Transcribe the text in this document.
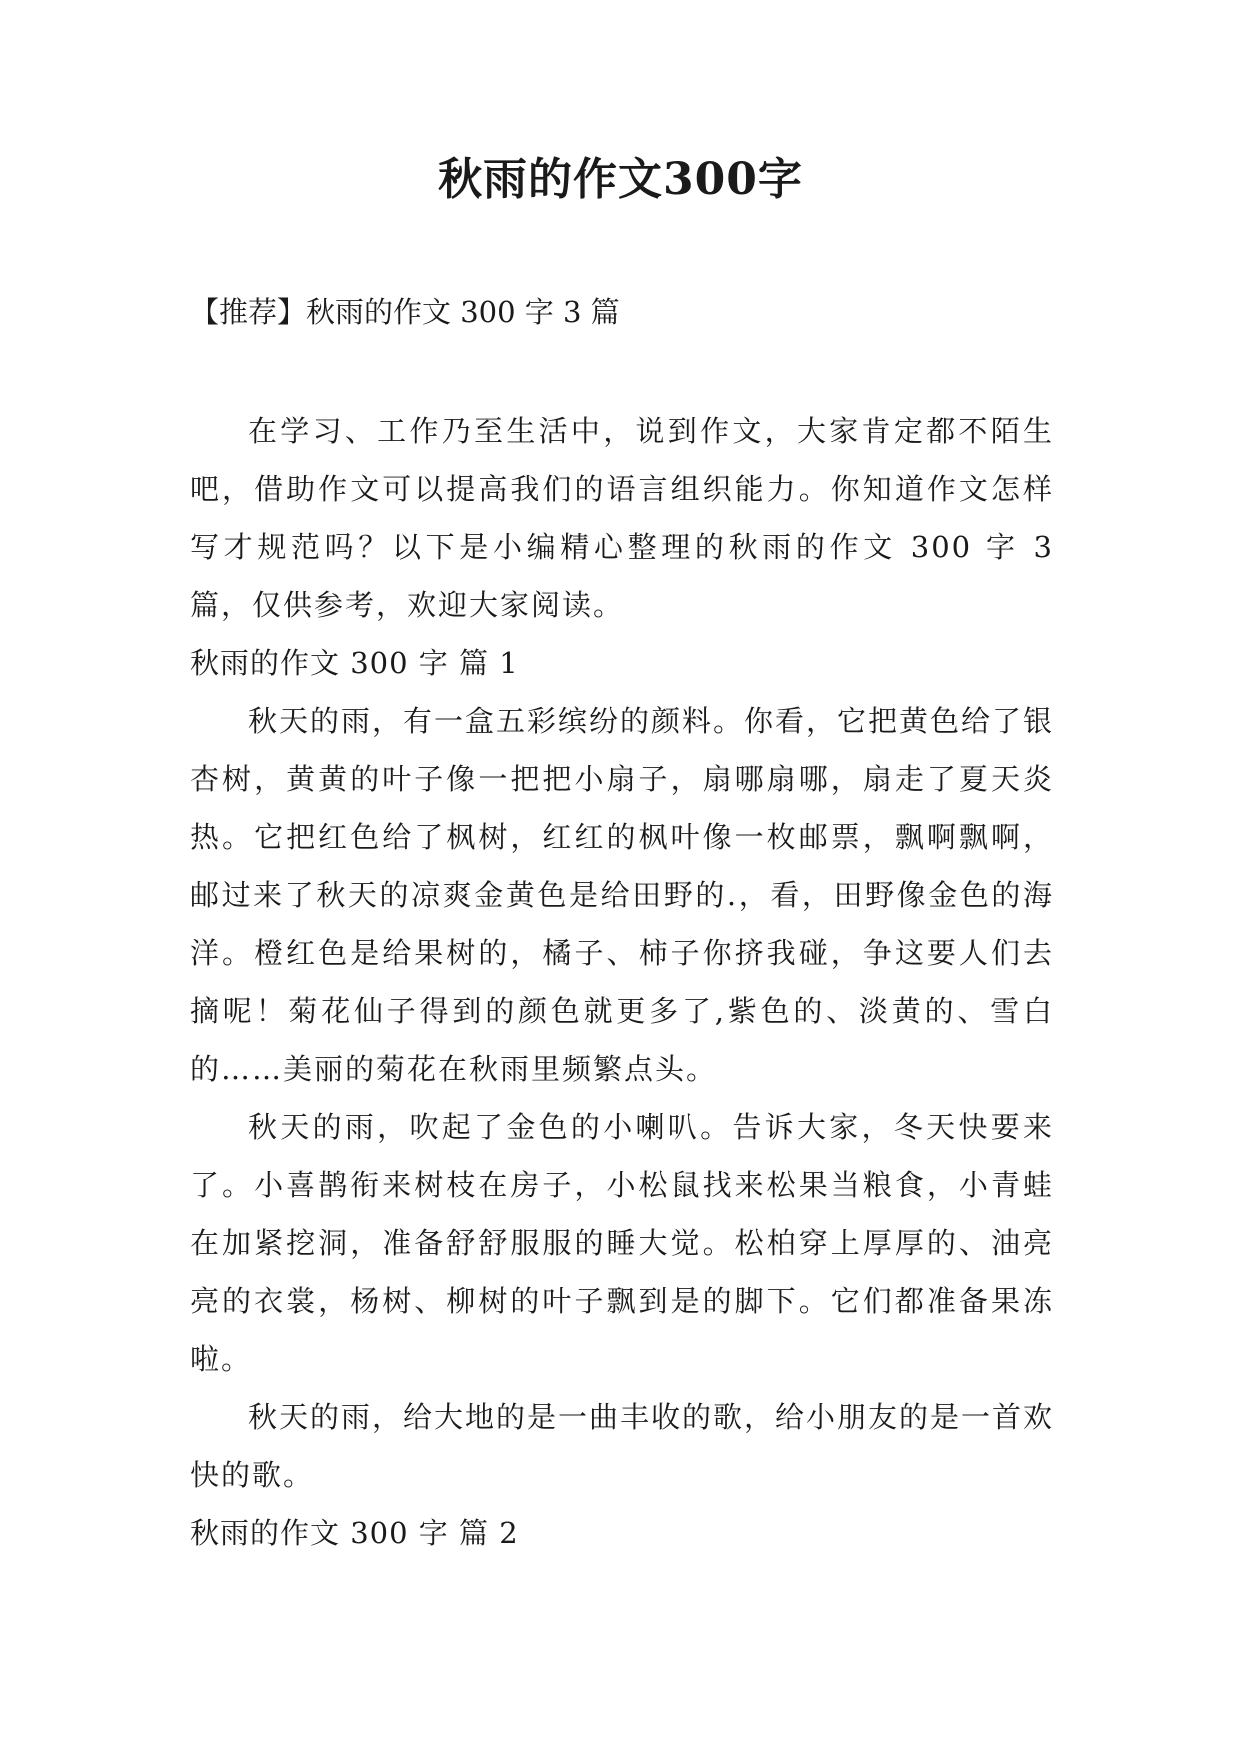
秋雨的作文300字
【推荐】秋雨的作文 300 字 3 篇

在学习、工作乃至生活中，说到作文，大家肯定都不陌生吧，借助作文可以提高我们的语言组织能力。你知道作文怎样写才规范吗？以下是小编精心整理的秋雨的作文 300 字 3 篇，仅供参考，欢迎大家阅读。

秋雨的作文 300 字 篇 1

秋天的雨，有一盒五彩缤纷的颜料。你看，它把黄色给了银杏树，黄黄的叶子像一把把小扇子，扇哪扇哪，扇走了夏天炎热。它把红色给了枫树，红红的枫叶像一枚邮票，飘啊飘啊，邮过来了秋天的凉爽金黄色是给田野的.，看，田野像金色的海洋。橙红色是给果树的，橘子、柿子你挤我碰，争这要人们去摘呢！菊花仙子得到的颜色就更多了,紫色的、淡黄的、雪白的……美丽的菊花在秋雨里频繁点头。

秋天的雨，吹起了金色的小喇叭。告诉大家，冬天快要来了。小喜鹊衔来树枝在房子，小松鼠找来松果当粮食，小青蛙在加紧挖洞，准备舒舒服服的睡大觉。松柏穿上厚厚的、油亮亮的衣裳，杨树、柳树的叶子飘到是的脚下。它们都准备果冻啦。

秋天的雨，给大地的是一曲丰收的歌，给小朋友的是一首欢快的歌。

秋雨的作文 300 字 篇 2
